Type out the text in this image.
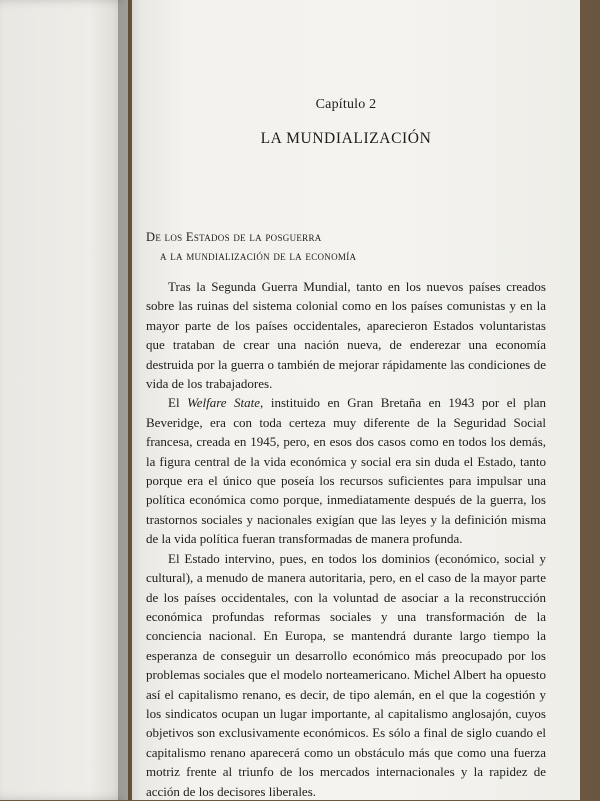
Capítulo 2
LA MUNDIALIZACIÓN
De los Estados de la posguerra
a la mundialización de la economía

Tras la Segunda Guerra Mundial, tanto en los nuevos países creados sobre las ruinas del sistema colonial como en los países comunistas y en la mayor parte de los países occidentales, aparecieron Estados voluntaristas que trataban de crear una nación nueva, de enderezar una economía destruida por la guerra o también de mejorar rápidamente las condiciones de vida de los trabajadores.

El Welfare State, instituido en Gran Bretaña en 1943 por el plan Beveridge, era con toda certeza muy diferente de la Seguridad Social francesa, creada en 1945, pero, en esos dos casos como en todos los demás, la figura central de la vida económica y social era sin duda el Estado, tanto porque era el único que poseía los recursos suficientes para impulsar una política económica como porque, inmediatamente después de la guerra, los trastornos sociales y nacionales exigían que las leyes y la definición misma de la vida política fueran transformadas de manera profunda.

El Estado intervino, pues, en todos los dominios (económico, social y cultural), a menudo de manera autoritaria, pero, en el caso de la mayor parte de los países occidentales, con la voluntad de asociar a la reconstrucción económica profundas reformas sociales y una transformación de la conciencia nacional. En Europa, se mantendrá durante largo tiempo la esperanza de conseguir un desarrollo económico más preocupado por los problemas sociales que el modelo norteamericano. Michel Albert ha opuesto así el capitalismo renano, es decir, de tipo alemán, en el que la cogestión y los sindicatos ocupan un lugar importante, al capitalismo anglosajón, cuyos objetivos son exclusivamente económicos. Es sólo a final de siglo cuando el capitalismo renano aparecerá como un obstáculo más que como una fuerza motriz frente al triunfo de los mercados internacionales y la rapidez de acción de los decisores liberales.
